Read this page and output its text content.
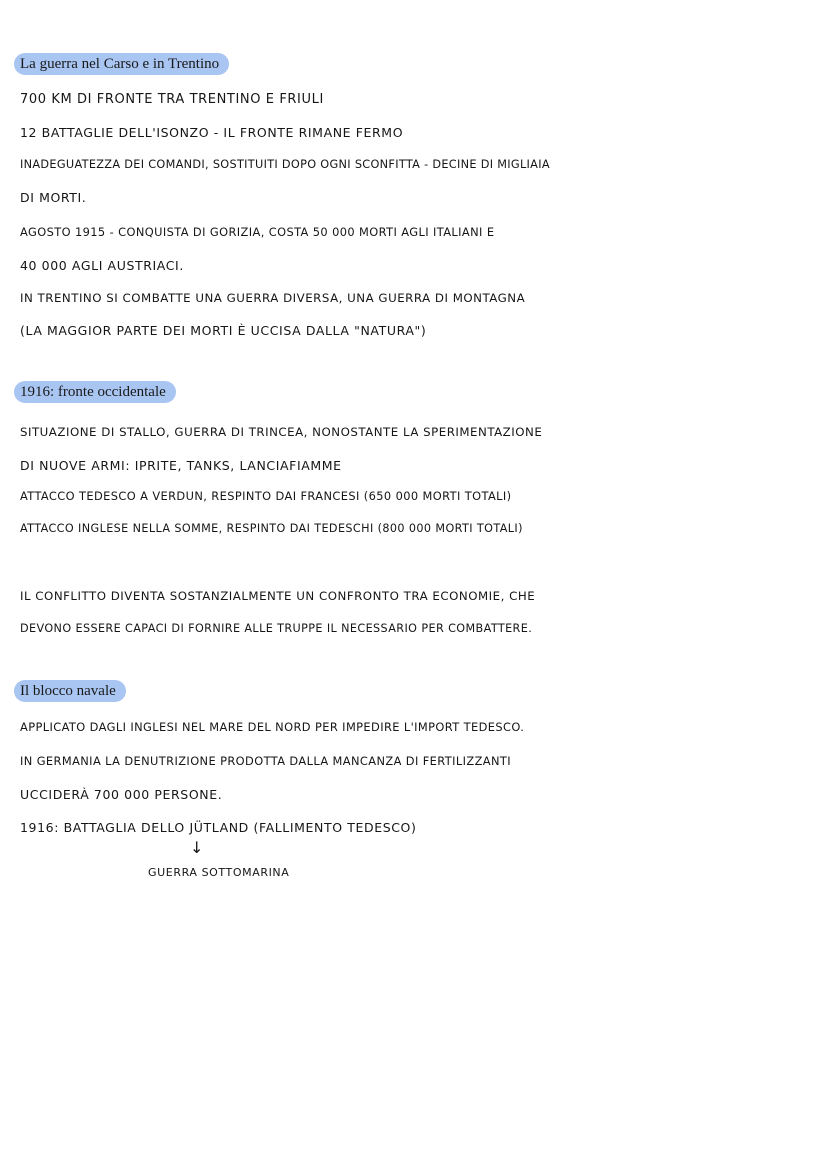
La guerra nel Carso e in Trentino
700 KM DI FRONTE TRA TRENTINO E FRIULI
12 BATTAGLIE DELL'ISONZO - IL FRONTE RIMANE FERMO
INADEGUATEZZA DEI COMANDI, SOSTITUITI DOPO OGNI SCONFITTA - DECINE DI MIGLIAIA
DI MORTI.
AGOSTO 1915 - CONQUISTA DI GORIZIA, COSTA 50 000 MORTI AGLI ITALIANI E
40 000 AGLI AUSTRIACI.
IN TRENTINO SI COMBATTE UNA GUERRA DIVERSA, UNA GUERRA DI MONTAGNA
(LA MAGGIOR PARTE DEI MORTI È UCCISA DALLA "NATURA")
1916: fronte occidentale
SITUAZIONE DI STALLO, GUERRA DI TRINCEA, NONOSTANTE LA SPERIMENTAZIONE
DI NUOVE ARMI: IPRITE, TANKS, LANCIAFIAMME
ATTACCO TEDESCO A VERDUN, RESPINTO DAI FRANCESI (650 000 MORTI TOTALI)
ATTACCO INGLESE NELLA SOMME, RESPINTO DAI TEDESCHI (800 000 MORTI TOTALI)
IL CONFLITTO DIVENTA SOSTANZIALMENTE UN CONFRONTO TRA ECONOMIE, CHE
DEVONO ESSERE CAPACI DI FORNIRE ALLE TRUPPE IL NECESSARIO PER COMBATTERE.
Il blocco navale
APPLICATO DAGLI INGLESI NEL MARE DEL NORD PER IMPEDIRE L'IMPORT TEDESCO.
IN GERMANIA LA DENUTRIZIONE PRODOTTA DALLA MANCANZA DI FERTILIZZANTI
UCCIDERÀ 700 000 PERSONE.
1916: BATTAGLIA DELLO JÜTLAND (FALLIMENTO TEDESCO)
↓
GUERRA SOTTOMARINA
